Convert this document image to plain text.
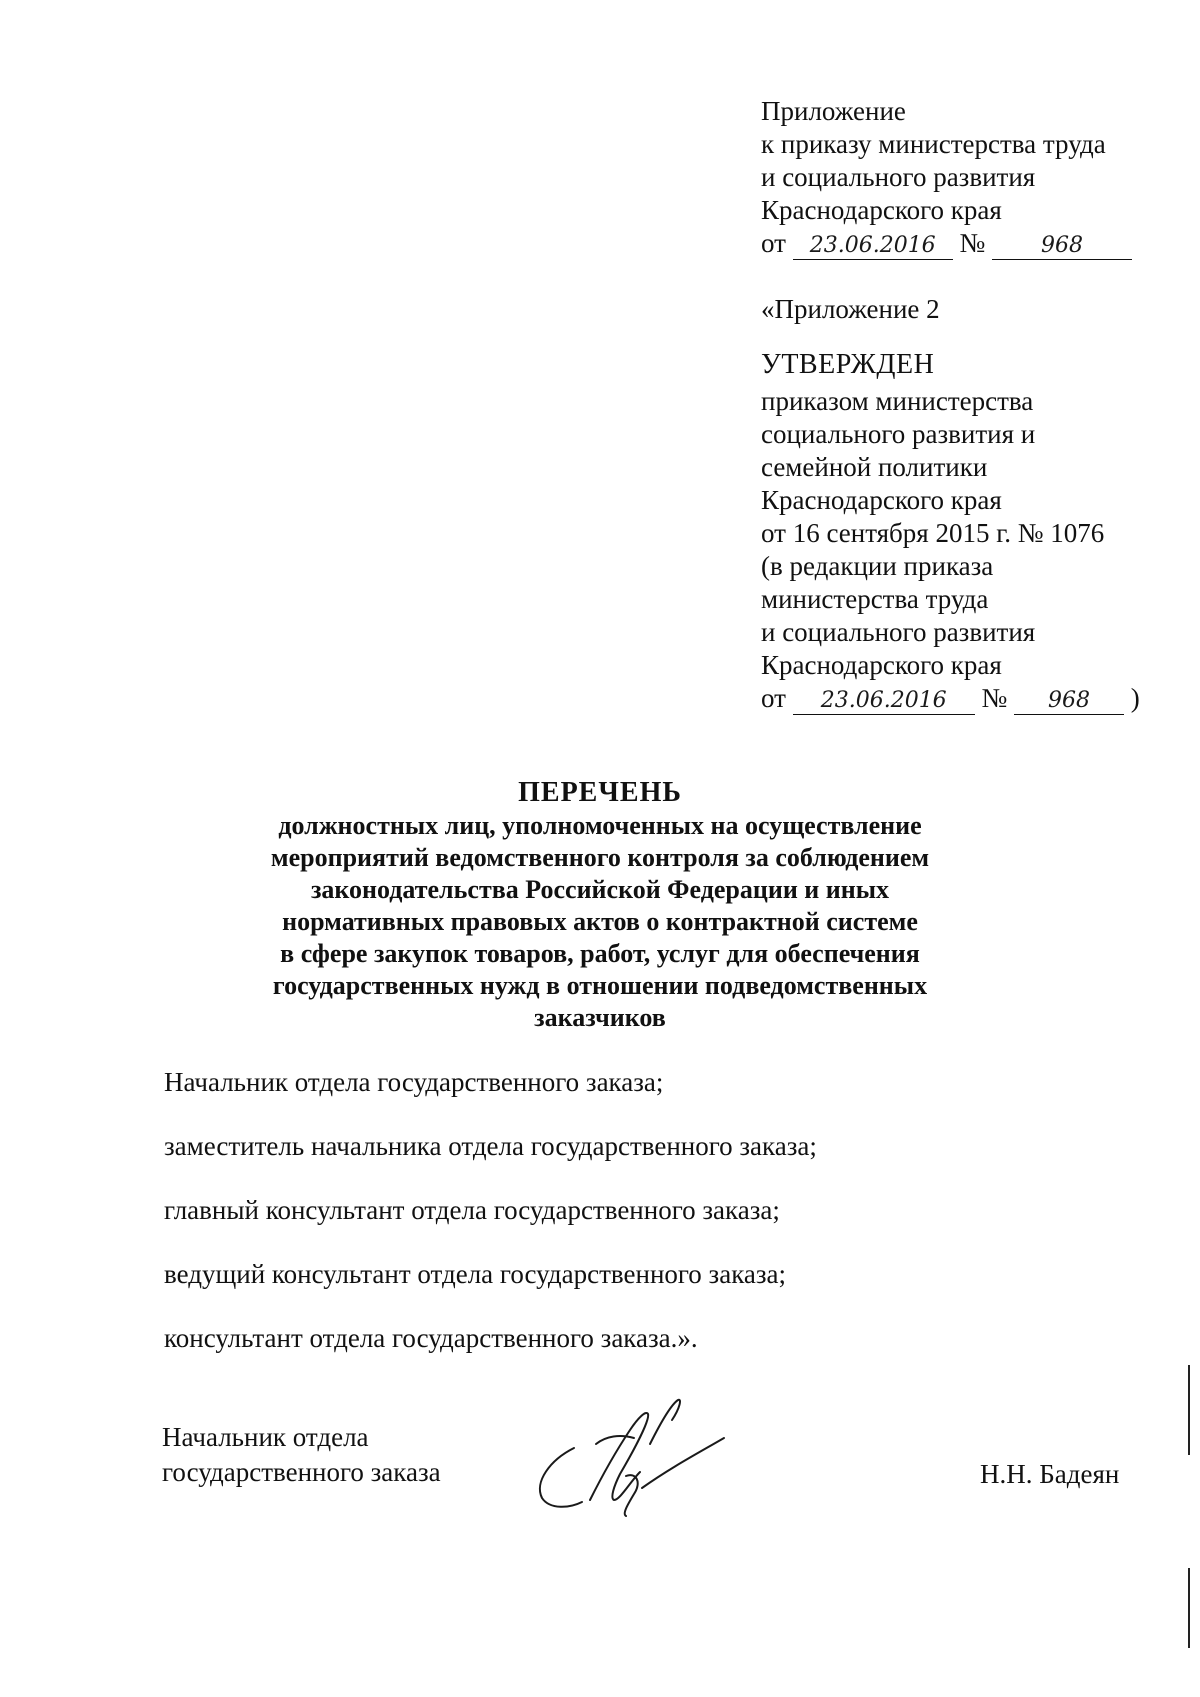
Приложение
к приказу министерства труда
и социального развития
Краснодарского края
от 23.06.2016 №	968
«Приложение 2
УТВЕРЖДЕН
приказом министерства
социального развития и
семейной политики
Краснодарского края
от 16 сентября 2015 г. № 1076
(в редакции приказа
министерства труда
и социального развития
Краснодарского края
от 23.06.2016 № 968 )
ПЕРЕЧЕНЬ
должностных лиц, уполномоченных на осуществление
мероприятий ведомственного контроля за соблюдением
законодательства Российской Федерации и иных
нормативных правовых актов о контрактной системе
в сфере закупок товаров, работ, услуг для обеспечения
государственных нужд в отношении подведомственных
заказчиков
Начальник отдела государственного заказа;
заместитель начальника отдела государственного заказа;
главный консультант отдела государственного заказа;
ведущий консультант отдела государственного заказа;
консультант отдела государственного заказа.».
Начальник отдела
государственного заказа	Н.Н. Бадеян
